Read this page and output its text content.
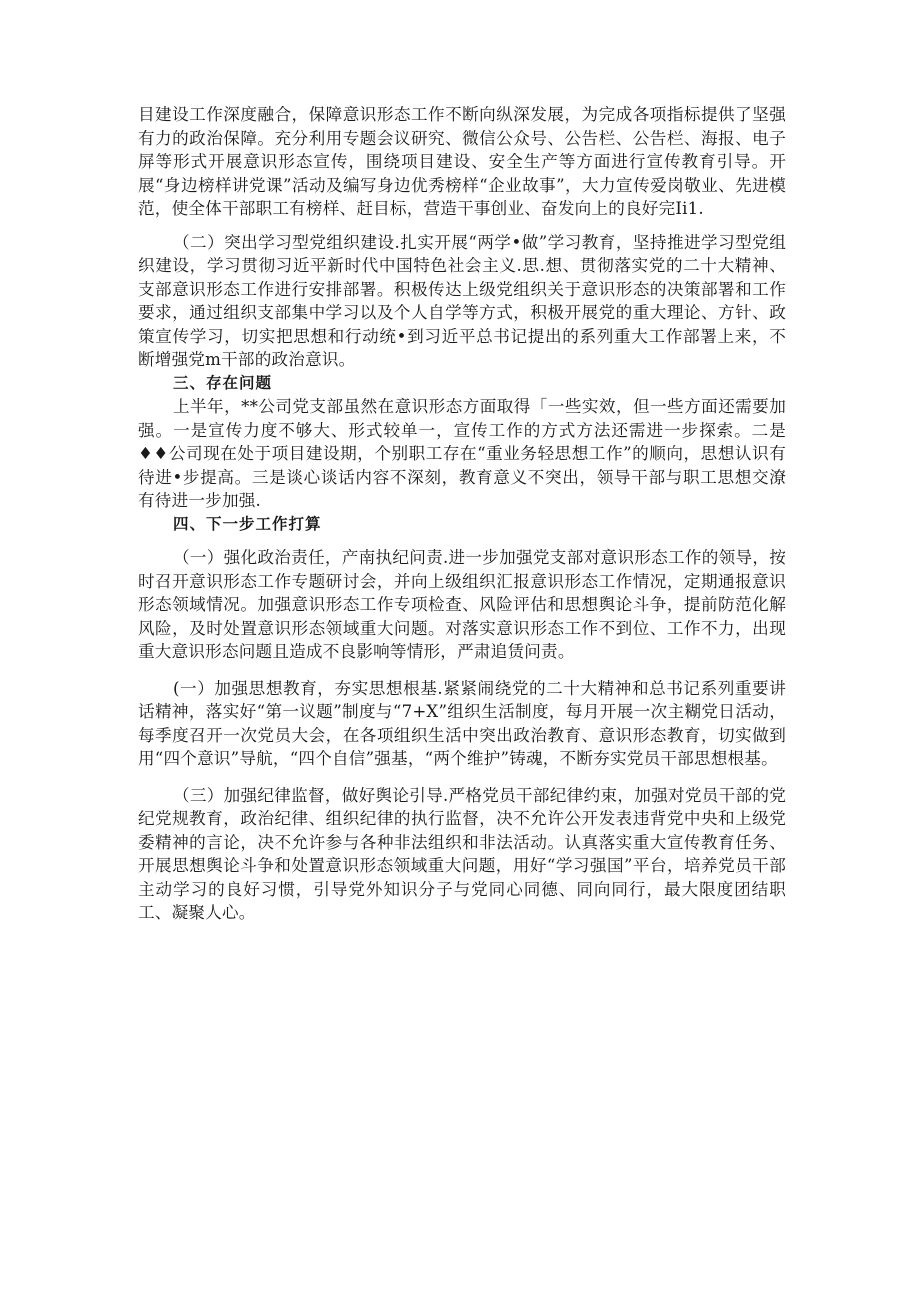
目建设工作深度融合，保障意识形态工作不断向纵深发展，为完成各项指标提供了坚强有力的政治保障。充分利用专题会议研究、微信公众号、公告栏、公告栏、海报、电子屏等形式开展意识形态宣传，围绕项目建设、安全生产等方面进行宣传教育引导。开展“身边榜样讲党课”活动及编写身边优秀榜样“企业故事”，大力宣传爱岗敬业、先进模范，使全体干部职工有榜样、赶目标，营造干事创业、奋发向上的良好完Ii1.

（二）突出学习型党组织建设.扎实开展“两学•做”学习教育，坚持推进学习型党组织建设，学习贯彻习近平新时代中国特色社会主义.思.想、贯彻落实党的二十大精神、支部意识形态工作进行安排部署。积极传达上级党组织关于意识形态的决策部署和工作要求，通过组织支部集中学习以及个人自学等方式，积极开展党的重大理论、方针、政策宣传学习，切实把思想和行动统•到习近平总书记提出的系列重大工作部署上来，不断增强党m干部的政治意识。

三、存在问题

上半年，**公司党支部虽然在意识形态方面取得「一些实效，但一些方面还需要加强。一是宣传力度不够大、形式较单一，宣传工作的方式方法还需进一步探索。二是♦♦公司现在处于项目建设期，个别职工存在“重业务轻思想工作”的顺向，思想认识有待进•步提高。三是谈心谈话内容不深刻，教育意义不突出，领导干部与职工思想交潦有待进一步加强.

四、下一步工作打算

（一）强化政治责任，产南执纪问责.进一步加强党支部对意识形态工作的领导，按时召开意识形态工作专题研讨会，并向上级组织汇报意识形态工作情况，定期通报意识形态领域情况。加强意识形态工作专项检查、风险评估和思想舆论斗争，提前防范化解风险，及时处置意识形态领域重大问题。对落实意识形态工作不到位、工作不力，出现重大意识形态问题且造成不良影响等情形，严肃追赁问责。

(一）加强思想教育，夯实思想根基.紧紧闹绕党的二十大精神和总书记系列重要讲话精神，落实好“第一议题”制度与“7+X”组织生活制度，每月开展一次主糊党日活动，每季度召开一次党员大会，在各项组织生活中突出政治教育、意识形态教育，切实做到用“四个意识”导航，“四个自信”强基，“两个维护”铸魂，不断夯实党员干部思想根基。

（三）加强纪律监督，做好舆论引导.严格党员干部纪律约束，加强对党员干部的党纪党规教育，政治纪律、组织纪律的执行监督，决不允许公开发表违背党中央和上级党委精神的言论，决不允许参与各种非法组织和非法活动。认真落实重大宣传教育任务、开展思想舆论斗争和处置意识形态领域重大问题，用好“学习强国”平台，培养党员干部主动学习的良好习惯，引导党外知识分子与党同心同德、同向同行，最大限度团结职工、凝聚人心。
